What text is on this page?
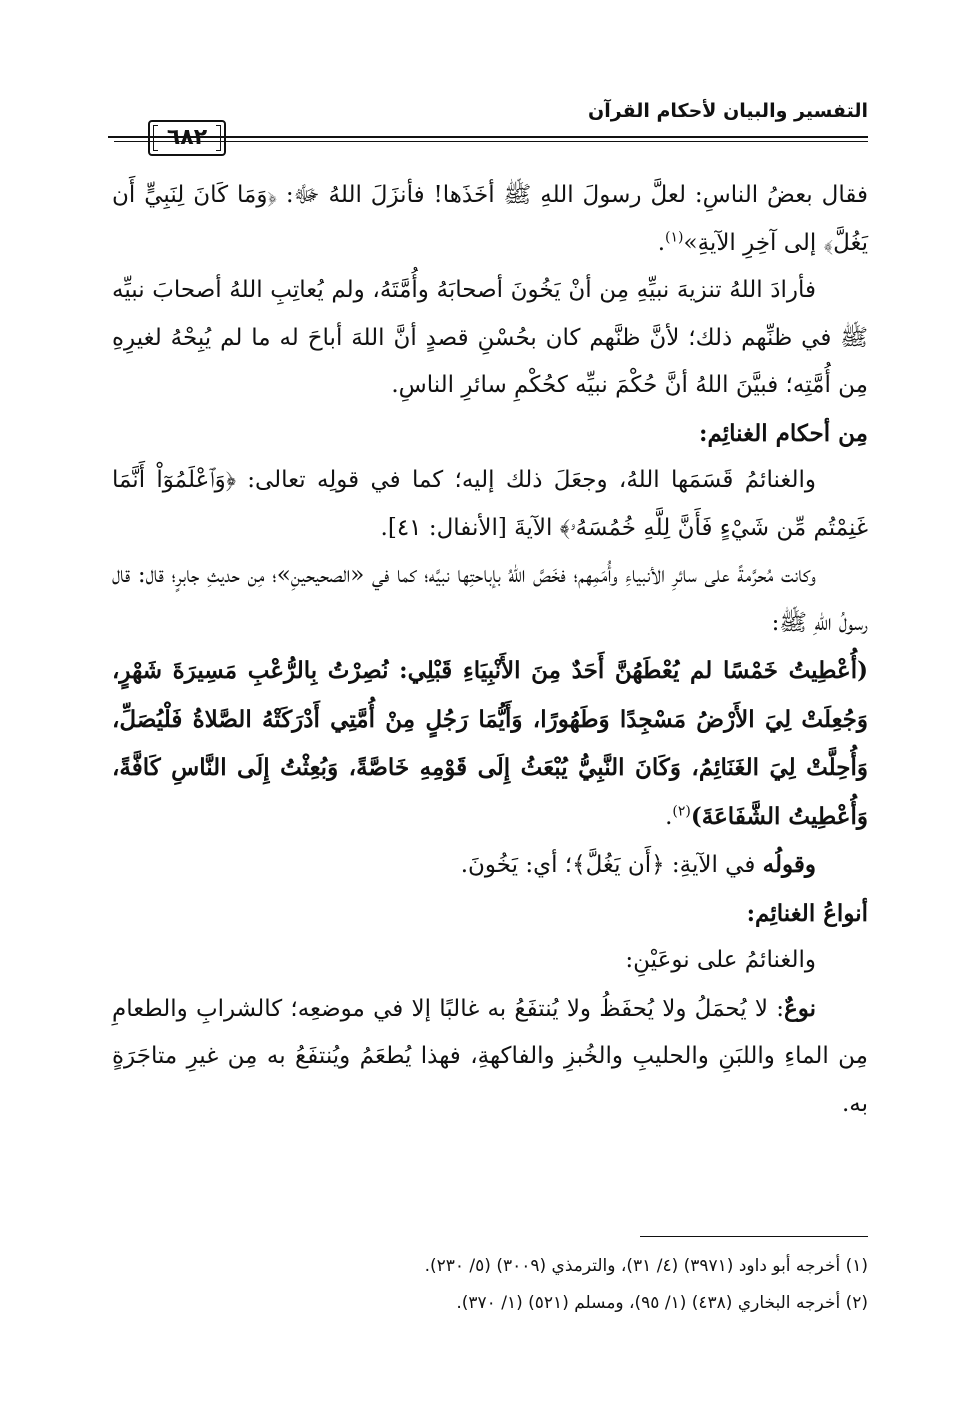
٦٨٢
التفسير والبيان لأحكام القرآن

فقال بعضُ الناسِ: لعلَّ رسولَ اللهِ ﷺ أخَذَها! فأنزَلَ اللهُ ﷻ: ﴿وَمَا كَانَ لِنَبِيٍّ أَن يَغُلَّ﴾ إلى آخِرِ الآيةِ»$^{(١)}$.

فأرادَ اللهُ تنزيهَ نبيِّهِ مِن أنْ يَخُونَ أصحابَهُ وأُمَّتَهُ، ولم يُعاتِبِ اللهُ أصحابَ نبيِّه ﷺ في ظنِّهم ذلك؛ لأنَّ ظنَّهم كان بحُسْنِ قصدٍ أنَّ اللهَ أباحَ له ما لم يُبِحْهُ لغيرِهِ مِن أُمَّتِه؛ فبيَّنَ اللهُ أنَّ حُكْمَ نبيِّه كحُكْمِ سائرِ الناسِ.

مِن أحكام الغنائِم:

والغنائمُ قَسَمَها اللهُ، وجعَلَ ذلك إليه؛ كما في قولِه تعالى: ﴿وَٱعْلَمُوٓاْ أَنَّمَا غَنِمْتُم مِّن شَيْءٍ فَأَنَّ لِلَّهِ خُمُسَهُۥ﴾ الآيةَ [الأنفال: ٤١].

وكانت مُحرَّمةً على سائرِ الأنبياءِ وأُمَمِهم؛ فخَصَّ اللهُ بإباحتِها نبيَّه؛ كما في «الصحيحينِ»؛ مِن حديثِ جابرٍ؛ قال: قال رسولُ اللهِ ﷺ:

(أُعْطِيتُ خَمْسًا لم يُعْطَهُنَّ أَحَدٌ مِنَ الأَنْبِيَاءِ قَبْلِي: نُصِرْتُ بِالرُّعْبِ مَسِيرَةَ شَهْرٍ، وَجُعِلَتْ لِيَ الأَرْضُ مَسْجِدًا وَطَهُورًا، وَأَيُّمَا رَجُلٍ مِنْ أُمَّتِي أَدْرَكَتْهُ الصَّلاةُ فَلْيُصَلِّ، وَأُحِلَّتْ لِيَ الغَنَائِمُ، وَكَانَ النَّبِيُّ يُبْعَثُ إِلَى قَوْمِهِ خَاصَّةً، وَبُعِثْتُ إِلَى النَّاسِ كَافَّةً، وَأُعْطِيتُ الشَّفَاعَةَ)$^{(٢)}$.

وقولُه في الآيةِ: ﴿أَن يَغُلَّ﴾؛ أي: يَخُونَ.

أنواعُ الغنائِم:

والغنائمُ على نوعَيْنِ:

نوعٌ: لا يُحمَلُ ولا يُحفَظُ ولا يُنتفَعُ به غالبًا إلا في موضعِه؛ كالشرابِ والطعامِ مِن الماءِ واللبَنِ والحليبِ والخُبزِ والفاكهةِ، فهذا يُطعَمُ ويُنتفَعُ به مِن غيرِ متاجَرَةٍ به.

(١) أخرجه أبو داود (٣٩٧١) (٤/ ٣١)، والترمذي (٣٠٠٩) (٥/ ٢٣٠).

(٢) أخرجه البخاري (٤٣٨) (١/ ٩٥)، ومسلم (٥٢١) (١/ ٣٧٠).
